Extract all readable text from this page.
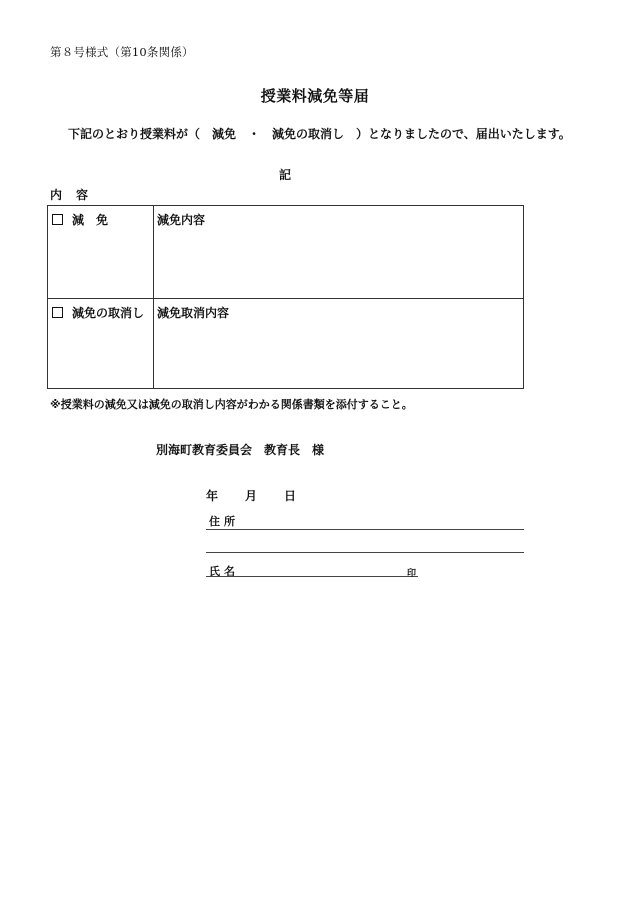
第８号様式（第10条関係）
授業料減免等届
下記のとおり授業料が（　減免　・　減免の取消し　）となりましたので、届出いたします。
記
内容
減　免	減免内容
減免の取消し 減免取消内容
※授業料の減免又は減免の取消し内容がわかる関係書類を添付すること。
別海町教育委員会　教育長　様
年 月 日
住所
氏名	印
